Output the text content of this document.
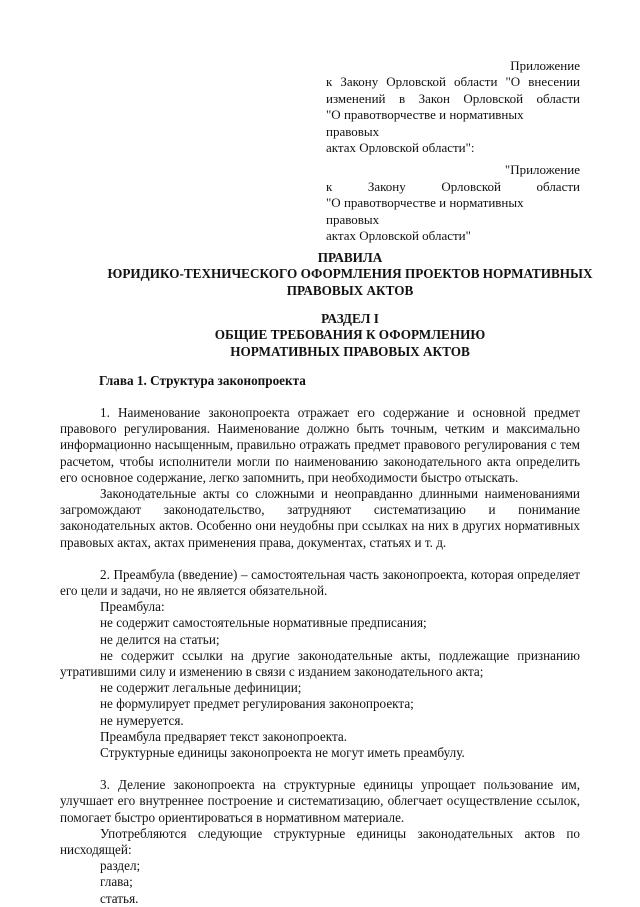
Приложение

к Закону Орловской области "О внесении

изменений в Закон Орловской области

"О правотворчестве и нормативных правовых

актах Орловской области":

"Приложение

к Закону Орловской области

"О правотворчестве и нормативных правовых

актах Орловской области"

ПРАВИЛА

ЮРИДИКО-ТЕХНИЧЕСКОГО ОФОРМЛЕНИЯ ПРОЕКТОВ НОРМАТИВНЫХ

ПРАВОВЫХ АКТОВ

РАЗДЕЛ I

ОБЩИЕ ТРЕБОВАНИЯ К ОФОРМЛЕНИЮ

НОРМАТИВНЫХ ПРАВОВЫХ АКТОВ

Глава 1. Структура законопроекта

1. Наименование законопроекта отражает его содержание и основной предмет правового регулирования. Наименование должно быть точным, четким и максимально информационно насыщенным, правильно отражать предмет правового регулирования с тем расчетом, чтобы исполнители могли по наименованию законодательного акта определить его основное содержание, легко запомнить, при необходимости быстро отыскать.

Законодательные акты со сложными и неоправданно длинными наименованиями загромождают законодательство, затрудняют систематизацию и понимание законодательных актов. Особенно они неудобны при ссылках на них в других нормативных правовых актах, актах применения права, документах, статьях и т. д.

2. Преамбула (введение) – самостоятельная часть законопроекта, которая определяет его цели и задачи, но не является обязательной.

Преамбула:

не содержит самостоятельные нормативные предписания;

не делится на статьи;

не содержит ссылки на другие законодательные акты, подлежащие признанию утратившими силу и изменению в связи с изданием законодательного акта;

не содержит легальные дефиниции;

не формулирует предмет регулирования законопроекта;

не нумеруется.

Преамбула предваряет текст законопроекта.

Структурные единицы законопроекта не могут иметь преамбулу.

3. Деление законопроекта на структурные единицы упрощает пользование им, улучшает его внутреннее построение и систематизацию, облегчает осуществление ссылок, помогает быстро ориентироваться в нормативном материале.

Употребляются следующие структурные единицы законодательных актов по нисходящей:

раздел;

глава;

статья.
